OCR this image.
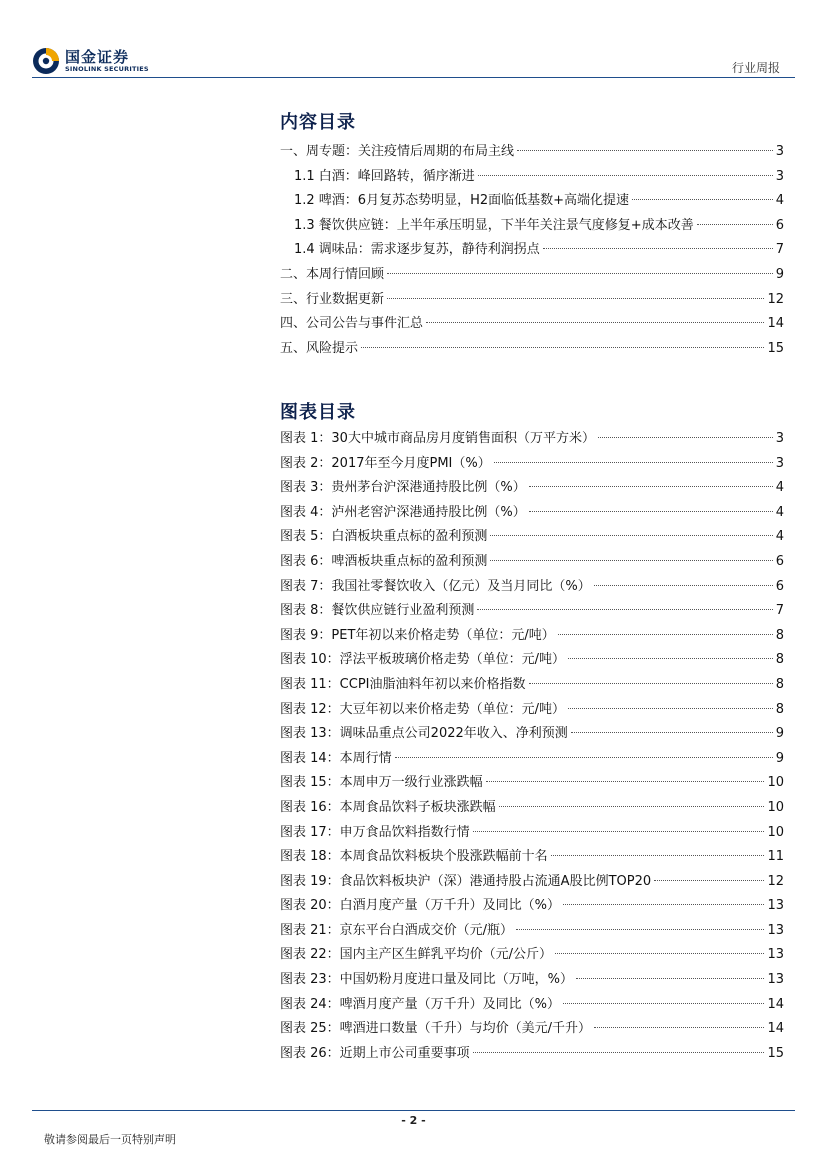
国金证券
SINOLINK SECURITIES	行业周报
内容目录
一、周专题：关注疫情后周期的布局主线	3
1.1 白酒：峰回路转，循序渐进	3
1.2 啤酒：6月复苏态势明显，H2面临低基数+高端化提速	4
1.3 餐饮供应链：上半年承压明显，下半年关注景气度修复+成本改善	6
1.4 调味品：需求逐步复苏，静待利润拐点	7
二、本周行情回顾	9
三、行业数据更新	12
四、公司公告与事件汇总	14
五、风险提示	15
图表目录
图表 1：30大中城市商品房月度销售面积（万平方米）	3
图表 2：2017年至今月度PMI（%）	3
图表 3：贵州茅台沪深港通持股比例（%）	4
图表 4：泸州老窖沪深港通持股比例（%）	4
图表 5：白酒板块重点标的盈利预测	4
图表 6：啤酒板块重点标的盈利预测	6
图表 7：我国社零餐饮收入（亿元）及当月同比（%）	6
图表 8：餐饮供应链行业盈利预测	7
图表 9：PET年初以来价格走势（单位：元/吨）	8
图表 10：浮法平板玻璃价格走势（单位：元/吨）	8
图表 11：CCPI油脂油料年初以来价格指数	8
图表 12：大豆年初以来价格走势（单位：元/吨）	8
图表 13：调味品重点公司2022年收入、净利预测	9
图表 14：本周行情	9
图表 15：本周申万一级行业涨跌幅	10
图表 16：本周食品饮料子板块涨跌幅	10
图表 17：申万食品饮料指数行情	10
图表 18：本周食品饮料板块个股涨跌幅前十名	11
图表 19：食品饮料板块沪（深）港通持股占流通A股比例TOP20	12
图表 20：白酒月度产量（万千升）及同比（%）	13
图表 21：京东平台白酒成交价（元/瓶）	13
图表 22：国内主产区生鲜乳平均价（元/公斤）	13
图表 23：中国奶粉月度进口量及同比（万吨，%）	13
图表 24：啤酒月度产量（万千升）及同比（%）	14
图表 25：啤酒进口数量（千升）与均价（美元/千升）	14
图表 26：近期上市公司重要事项	15
- 2 -
敬请参阅最后一页特别声明
